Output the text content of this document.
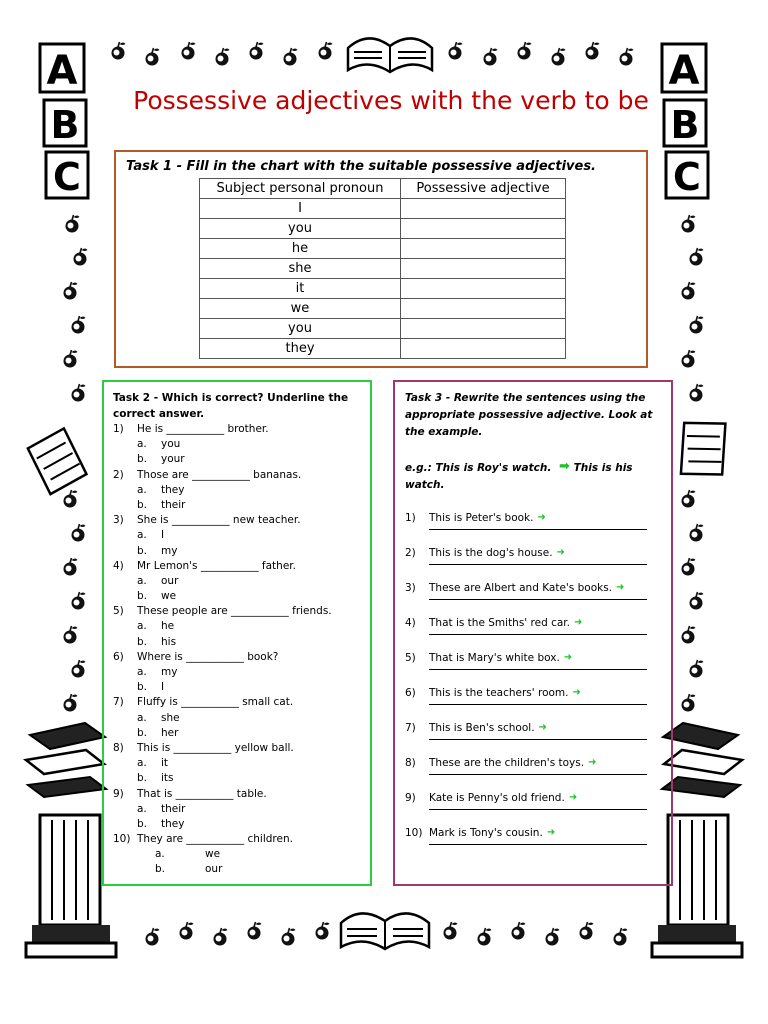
A
B
C
A
B
C
Possessive adjectives with the verb to be
Task 1 - Fill in the chart with the suitable possessive adjectives.
Subject personal pronoun	Possessive adjective
I	
you	
he	
she	
it	
we	
you	
they	
Task 2 - Which is correct? Underline the correct answer.
1) He is ___________ brother.
a. you
b. your
2) Those are ___________ bananas.
a. they
b. their
3) She is ___________ new teacher.
a. I
b. my
4) Mr Lemon's ___________ father.
a. our
b. we
5) These people are ___________ friends.
a. he
b. his
6) Where is ___________ book?
a. my
b. I
7) Fluffy is ___________ small cat.
a. she
b. her
8) This is ___________ yellow ball.
a. it
b. its
9) That is ___________ table.
a. their
b. they
10) They are ___________ children.
a.	we
b.	our
Task 3 - Rewrite the sentences using the appropriate possessive adjective. Look at the example.
e.g.: This is Roy's watch. ➡ This is his watch.
1)	This is Peter's book. ➜
2)	This is the dog's house. ➜
3)	These are Albert and Kate's books. ➜
4)	That is the Smiths' red car. ➜
5)	That is Mary's white box. ➜
6)	This is the teachers' room. ➜
7)	This is Ben's school. ➜
8)	These are the children's toys. ➜
9)	Kate is Penny's old friend. ➜
10) Mark is Tony's cousin. ➜
